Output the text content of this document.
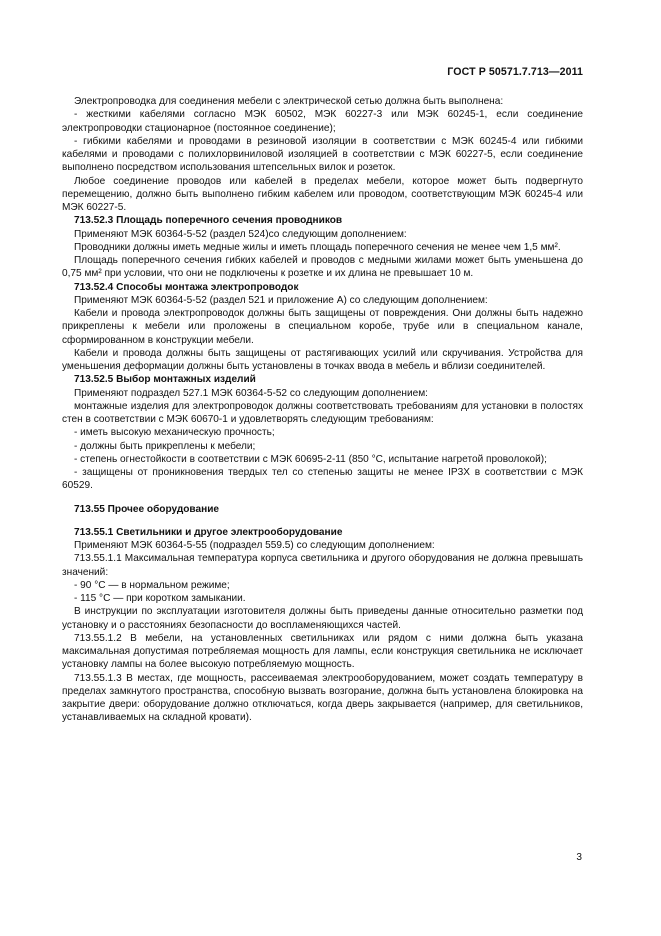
ГОСТ Р 50571.7.713—2011

Электропроводка для соединения мебели с электрической сетью должна быть выполнена:

- жесткими кабелями согласно МЭК 60502, МЭК 60227-3 или МЭК 60245-1, если соединение электропроводки стационарное (постоянное соединение);

- гибкими кабелями и проводами в резиновой изоляции в соответствии с МЭК 60245-4 или гибкими кабелями и проводами с полихлорвиниловой изоляцией в соответствии с МЭК 60227-5, если соединение выполнено посредством использования штепсельных вилок и розеток.

Любое соединение проводов или кабелей в пределах мебели, которое может быть подвергнуто перемещению, должно быть выполнено гибким кабелем или проводом, соответствующим МЭК 60245-4 или МЭК 60227-5.

713.52.3 Площадь поперечного сечения проводников

Применяют МЭК 60364-5-52 (раздел 524)со следующим дополнением:

Проводники должны иметь медные жилы и иметь площадь поперечного сечения не менее чем 1,5 мм².

Площадь поперечного сечения гибких кабелей и проводов с медными жилами может быть уменьшена до 0,75 мм² при условии, что они не подключены к розетке и их длина не превышает 10 м.

713.52.4 Способы монтажа электропроводок

Применяют МЭК 60364-5-52 (раздел 521 и приложение А) со следующим дополнением:

Кабели и провода электропроводок должны быть защищены от повреждения. Они должны быть надежно прикреплены к мебели или проложены в специальном коробе, трубе или в специальном канале, сформированном в конструкции мебели.

Кабели и провода должны быть защищены от растягивающих усилий или скручивания. Устройства для уменьшения деформации должны быть установлены в точках ввода в мебель и вблизи соединителей.

713.52.5 Выбор монтажных изделий

Применяют подраздел 527.1 МЭК 60364-5-52 со следующим дополнением:

монтажные изделия для электропроводок должны соответствовать требованиям для установки в полостях стен в соответствии с МЭК 60670-1 и удовлетворять следующим требованиям:

- иметь высокую механическую прочность;

- должны быть прикреплены к мебели;

- степень огнестойкости в соответствии с МЭК 60695-2-11 (850 °С, испытание нагретой проволокой);

- защищены от проникновения твердых тел со степенью защиты не менее IP3X в соответствии с МЭК 60529.

713.55 Прочее оборудование

713.55.1 Светильники и другое электрооборудование

Применяют МЭК 60364-5-55 (подраздел 559.5) со следующим дополнением:

713.55.1.1 Максимальная температура корпуса светильника и другого оборудования не должна превышать значений:

- 90 °С — в нормальном режиме;

- 115 °С — при коротком замыкании.

В инструкции по эксплуатации изготовителя должны быть приведены данные относительно разметки под установку и о расстояниях безопасности до воспламеняющихся частей.

713.55.1.2 В мебели, на установленных светильниках или рядом с ними должна быть указана максимальная допустимая потребляемая мощность для лампы, если конструкция светильника не исключает установку лампы на более высокую потребляемую мощность.

713.55.1.3 В местах, где мощность, рассеиваемая электрооборудованием, может создать температуру в пределах замкнутого пространства, способную вызвать возгорание, должна быть установлена блокировка на закрытие двери: оборудование должно отключаться, когда дверь закрывается (например, для светильников, устанавливаемых на складной кровати).

3
